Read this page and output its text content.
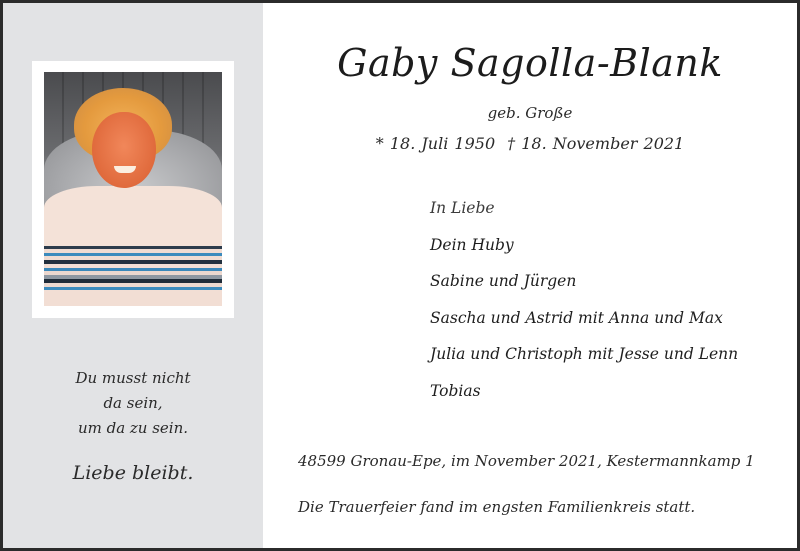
Du musst nicht
da sein,
um da zu sein.
Liebe bleibt.
Gaby Sagolla-Blank
geb. Große
* 18. Juli 1950 † 18. November 2021
In Liebe
Dein Huby
Sabine und Jürgen
Sascha und Astrid mit Anna und Max
Julia und Christoph mit Jesse und Lenn
Tobias
48599 Gronau-Epe, im November 2021, Kestermannkamp 1
Die Trauerfeier fand im engsten Familienkreis statt.
